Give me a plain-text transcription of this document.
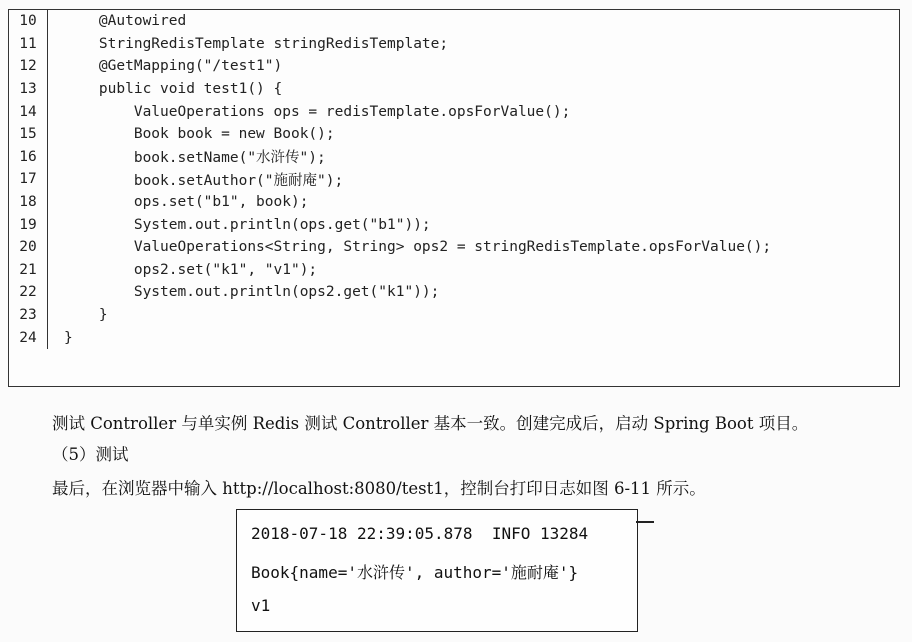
10	@Autowired
11	StringRedisTemplate stringRedisTemplate;
12	@GetMapping("/test1")
13	public void test1() {
14	ValueOperations ops = redisTemplate.opsForValue();
15	Book book = new Book();
16	book.setName("水浒传");
17	book.setAuthor("施耐庵");
18	ops.set("b1", book);
19	System.out.println(ops.get("b1"));
20	ValueOperations<String, String> ops2 = stringRedisTemplate.opsForValue();
21	ops2.set("k1", "v1");
22	System.out.println(ops2.get("k1"));
23	}
24	}
测试 Controller 与单实例 Redis 测试 Controller 基本一致。创建完成后，启动 Spring Boot 项目。
（5）测试
最后，在浏览器中输入 http://localhost:8080/test1，控制台打印日志如图 6-11 所示。
2018-07-18 22:39:05.878  INFO 13284
Book{name='水浒传', author='施耐庵'}
v1
